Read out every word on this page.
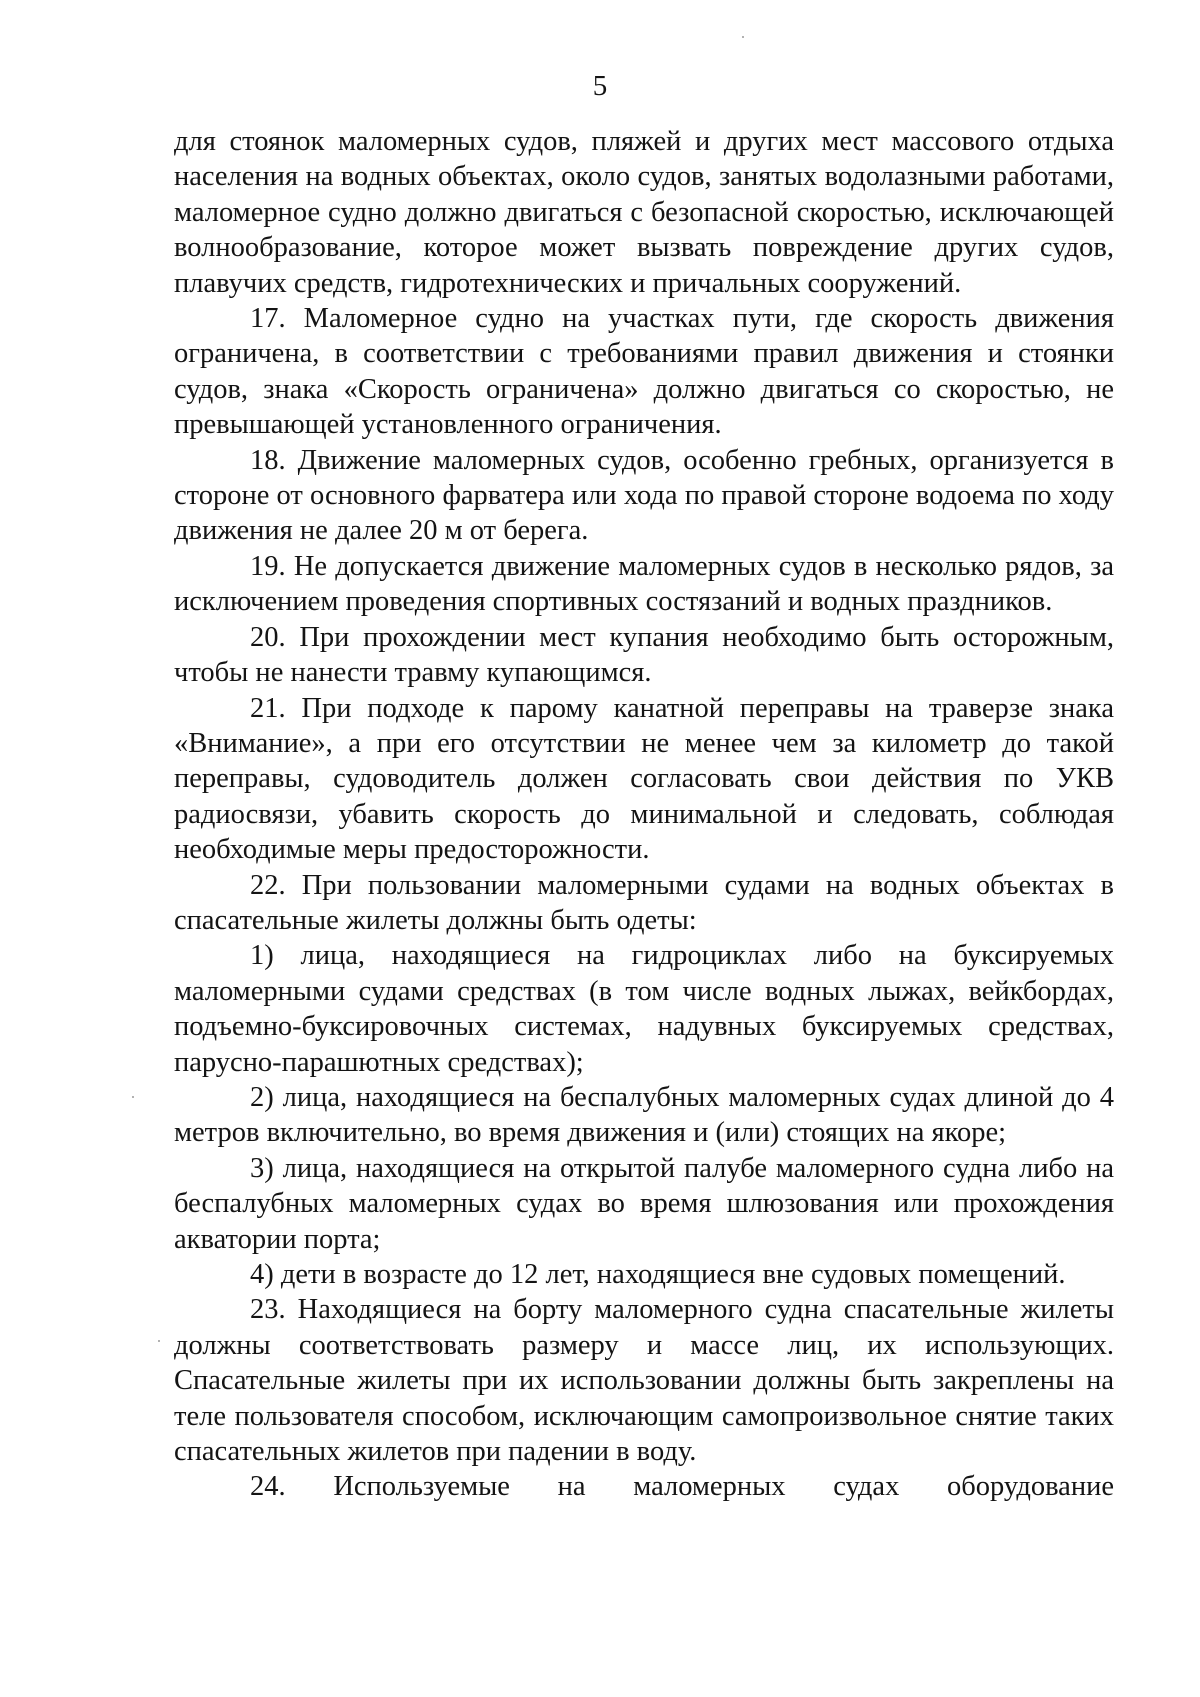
5

для стоянок маломерных судов, пляжей и других мест массового отдыха населения на водных объектах, около судов, занятых водолазными работами, маломерное судно должно двигаться с безопасной скоростью, исключающей волнообразование, которое может вызвать повреждение других судов, плавучих средств, гидротехнических и причальных сооружений.

17. Маломерное судно на участках пути, где скорость движения ограничена, в соответствии с требованиями правил движения и стоянки судов, знака «Скорость ограничена» должно двигаться со скоростью, не превышающей установленного ограничения.

18. Движение маломерных судов, особенно гребных, организуется в стороне от основного фарватера или хода по правой стороне водоема по ходу движения не далее 20 м от берега.

19. Не допускается движение маломерных судов в несколько рядов, за исключением проведения спортивных состязаний и водных праздников.

20. При прохождении мест купания необходимо быть осторожным, чтобы не нанести травму купающимся.

21. При подходе к парому канатной переправы на траверзе знака «Внимание», а при его отсутствии не менее чем за километр до такой переправы, судоводитель должен согласовать свои действия по УКВ радиосвязи, убавить скорость до минимальной и следовать, соблюдая необходимые меры предосторожности.

22. При пользовании маломерными судами на водных объектах в спасательные жилеты должны быть одеты:

1) лица, находящиеся на гидроциклах либо на буксируемых маломерными судами средствах (в том числе водных лыжах, вейкбордах, подъемно-буксировочных системах, надувных буксируемых средствах, парусно-парашютных средствах);

2) лица, находящиеся на беспалубных маломерных судах длиной до 4 метров включительно, во время движения и (или) стоящих на якоре;

3) лица, находящиеся на открытой палубе маломерного судна либо на беспалубных маломерных судах во время шлюзования или прохождения акватории порта;

4) дети в возрасте до 12 лет, находящиеся вне судовых помещений.

23. Находящиеся на борту маломерного судна спасательные жилеты должны соответствовать размеру и массе лиц, их использующих. Спасательные жилеты при их использовании должны быть закреплены на теле пользователя способом, исключающим самопроизвольное снятие таких спасательных жилетов при падении в воду.

24. Используемые на маломерных судах оборудование
